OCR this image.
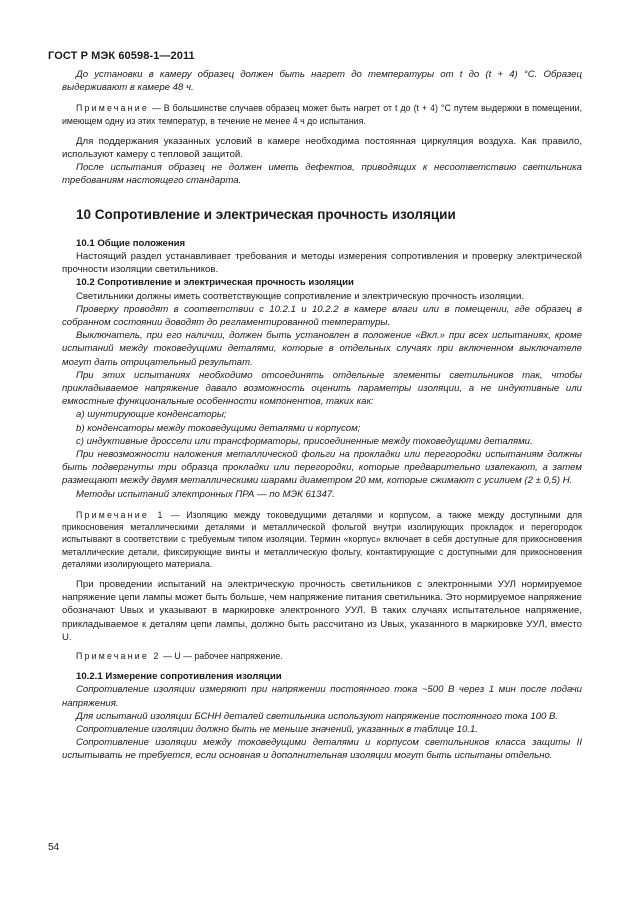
ГОСТ Р МЭК 60598-1—2011

До установки в камеру образец должен быть нагрет до температуры от t до (t + 4) °С. Образец выдерживают в камере 48 ч.

Примечание — В большинстве случаев образец может быть нагрет от t до (t + 4) °С путем выдержки в помещении, имеющем одну из этих температур, в течение не менее 4 ч до испытания.

Для поддержания указанных условий в камере необходима постоянная циркуляция воздуха. Как правило, используют камеру с тепловой защитой.

После испытания образец не должен иметь дефектов, приводящих к несоответствию светильника требованиям настоящего стандарта.

10 Сопротивление и электрическая прочность изоляции

10.1 Общие положения

Настоящий раздел устанавливает требования и методы измерения сопротивления и проверку электрической прочности изоляции светильников.

10.2 Сопротивление и электрическая прочность изоляции

Светильники должны иметь соответствующие сопротивление и электрическую прочность изоляции.

Проверку проводят в соответствии с 10.2.1 и 10.2.2 в камере влаги или в помещении, где образец в собранном состоянии доводят до регламентированной температуры.

Выключатель, при его наличии, должен быть установлен в положение «Вкл.» при всех испытаниях, кроме испытаний между токоведущими деталями, которые в отдельных случаях при включенном выключателе могут дать отрицательный результат.

При этих испытаниях необходимо отсоединять отдельные элементы светильников так, чтобы прикладываемое напряжение давало возможность оценить параметры изоляции, а не индуктивные или емкостные функциональные особенности компонентов, таких как:

а) шунтирующие конденсаторы;

b) конденсаторы между токоведущими деталями и корпусом;

с) индуктивные дроссели или трансформаторы, присоединенные между токоведущими деталями.

При невозможности наложения металлической фольги на прокладки или перегородки испытаниям должны быть подвергнуты три образца прокладки или перегородки, которые предварительно извлекают, а затем размещают между двумя металлическими шарами диаметром 20 мм, которые сжимают с усилием (2 ± 0,5) Н.

Методы испытаний электронных ПРА — по МЭК 61347.

Примечание 1 — Изоляцию между токоведущими деталями и корпусом, а также между доступными для прикосновения металлическими деталями и металлической фольгой внутри изолирующих прокладок и перегородок испытывают в соответствии с требуемым типом изоляции. Термин «корпус» включает в себя доступные для прикосновения металлические детали, фиксирующие винты и металлическую фольгу, контактирующие с доступными для прикосновения деталями изолирующего материала.

При проведении испытаний на электрическую прочность светильников с электронными УУЛ нормируемое напряжение цепи лампы может быть больше, чем напряжение питания светильника. Это нормируемое напряжение обозначают Uвых и указывают в маркировке электронного УУЛ. В таких случаях испытательное напряжение, прикладываемое к деталям цепи лампы, должно быть рассчитано из Uвых, указанного в маркировке УУЛ, вместо U.

Примечание 2 — U — рабочее напряжение.

10.2.1 Измерение сопротивления изоляции

Сопротивление изоляции измеряют при напряжении постоянного тока ~500 В через 1 мин после подачи напряжения.

Для испытаний изоляции БСНН деталей светильника используют напряжение постоянного тока 100 В.

Сопротивление изоляции должно быть не меньше значений, указанных в таблице 10.1.

Сопротивление изоляции между токоведущими деталями и корпусом светильников класса защиты II испытывать не требуется, если основная и дополнительная изоляции могут быть испытаны отдельно.

54
